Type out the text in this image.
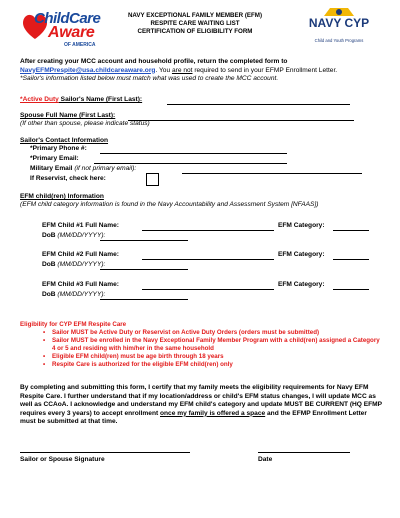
ChildCare
Aware
OF AMERICA
NAVY EXCEPTIONAL FAMILY MEMBER (EFM)
RESPITE CARE WAITING LIST
CERTIFICATION OF ELIGIBILITY FORM
NAVY CYP
Child and Youth Programs
After creating your MCC account and household profile, return the completed form to
NavyEFMPrespite@usa.childcareaware.org. You are not required to send in your EFMP Enrollment Letter.
*Sailor's information listed below must match what was used to create the MCC account.
*Active Duty Sailor's Name (First Last):
Spouse Full Name (First Last):
(If other than spouse, please indicate status)
Sailor's Contact Information
*Primary Phone #:
*Primary Email:
Military Email (if not primary email):
If Reservist, check here:
EFM child(ren) Information
(EFM child category information is found in the Navy Accountability and Assessment System [NFAAS])
EFM Child #1 Full Name:	EFM Category:
DoB (MM/DD/YYYY):
EFM Child #2 Full Name:	EFM Category:
DoB (MM/DD/YYYY):
EFM Child #3 Full Name:	EFM Category:
DoB (MM/DD/YYYY):
Eligibility for CYP EFM Respite Care
• Sailor MUST be Active Duty or Reservist on Active Duty Orders (orders must be submitted)
• Sailor MUST be enrolled in the Navy Exceptional Family Member Program with a child(ren) assigned a Category 4 or 5 and residing with him/her in the same household
• Eligible EFM child(ren) must be age birth through 18 years
• Respite Care is authorized for the eligible EFM child(ren) only
By completing and submitting this form, I certify that my family meets the eligibility requirements for Navy EFM Respite Care. I further understand that if my location/address or child's EFM status changes, I will update MCC as well as CCAoA. I acknowledge and understand my EFM child's category and update MUST BE CURRENT (HQ EFMP requires every 3 years) to accept enrollment once my family is offered a space and the EFMP Enrollment Letter must be submitted at that time.
Sailor or Spouse Signature	Date
